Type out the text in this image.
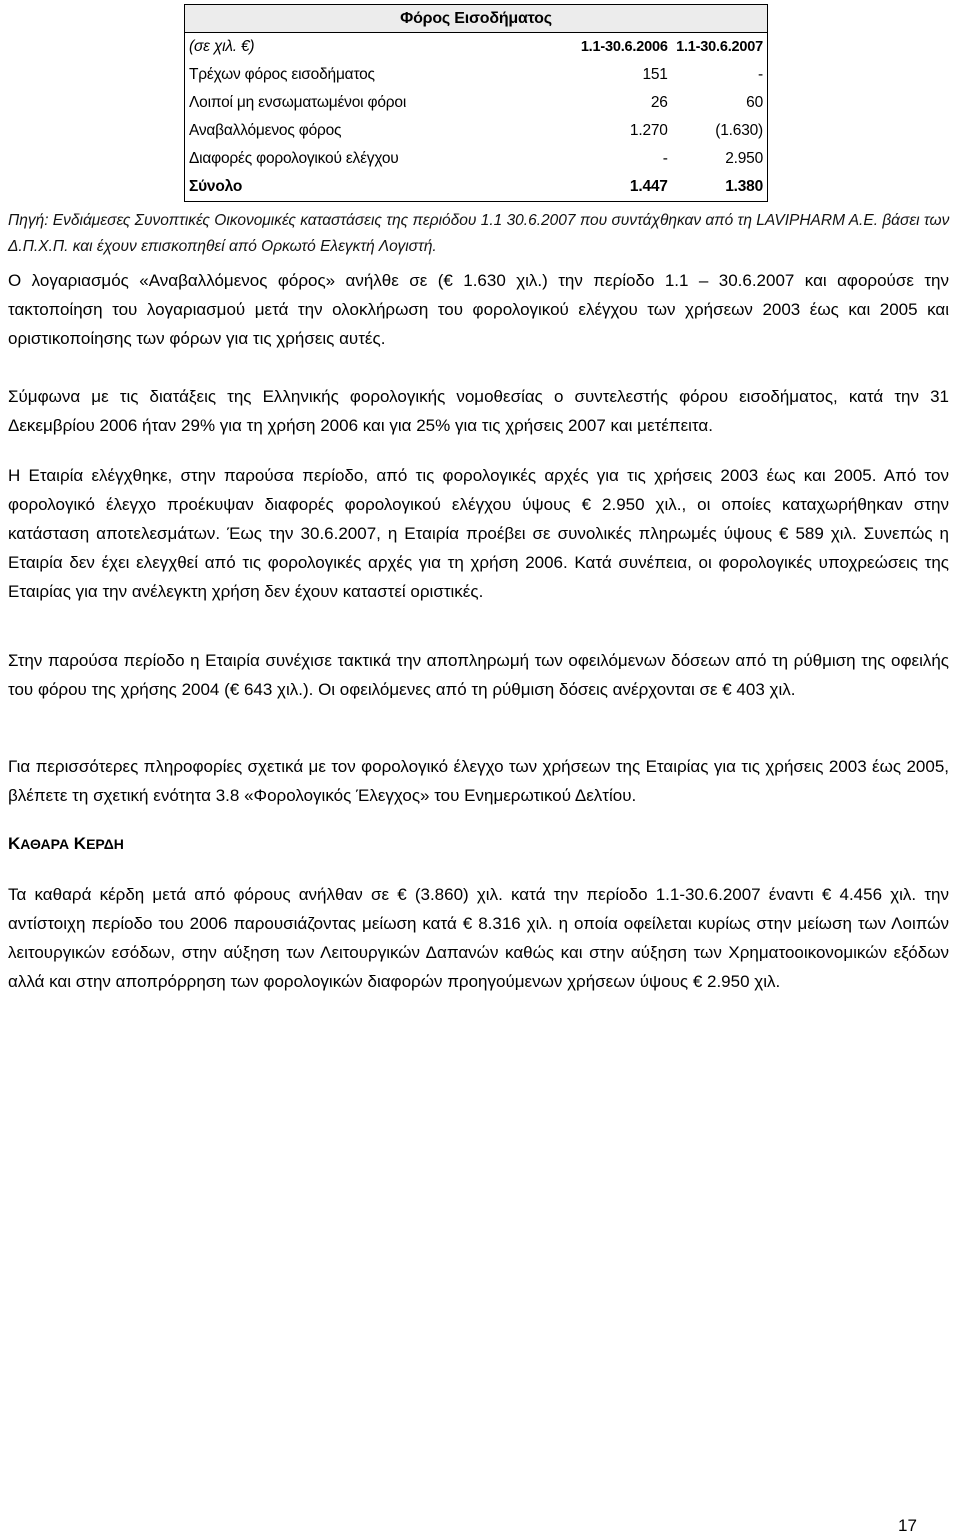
Φόρος Εισοδήματος		
(σε χιλ. €)	1.1-30.6.2006	1.1-30.6.2007
Τρέχων φόρος εισοδήματος	151	-
Λοιποί μη ενσωματωμένοι φόροι	26	60
Αναβαλλόμενος φόρος	1.270	(1.630)
Διαφορές φορολογικού ελέγχου	-	2.950
Σύνολο	1.447	1.380
Πηγή: Ενδιάμεσες Συνοπτικές Οικονομικές καταστάσεις της περιόδου 1.1 30.6.2007 που συντάχθηκαν από τη LAVIPHARM A.E. βάσει των Δ.Π.Χ.Π. και έχουν επισκοπηθεί από Ορκωτό Ελεγκτή Λογιστή.

Ο λογαριασμός «Αναβαλλόμενος φόρος» ανήλθε σε (€ 1.630 χιλ.) την περίοδο 1.1 – 30.6.2007 και αφορούσε την τακτοποίηση του λογαριασμού μετά την ολοκλήρωση του φορολογικού ελέγχου των χρήσεων 2003 έως και 2005 και οριστικοποίησης των φόρων για τις χρήσεις αυτές.

Σύμφωνα με τις διατάξεις της Ελληνικής φορολογικής νομοθεσίας ο συντελεστής φόρου εισοδήματος, κατά την 31 Δεκεμβρίου 2006 ήταν 29% για τη χρήση 2006 και για 25% για τις χρήσεις 2007 και μετέπειτα.

Η Εταιρία ελέγχθηκε, στην παρούσα περίοδο, από τις φορολογικές αρχές για τις χρήσεις 2003 έως και 2005. Από τον φορολογικό έλεγχο προέκυψαν διαφορές φορολογικού ελέγχου ύψους € 2.950 χιλ., οι οποίες καταχωρήθηκαν στην κατάσταση αποτελεσμάτων. Έως την 30.6.2007, η Εταιρία προέβει σε συνολικές πληρωμές ύψους € 589 χιλ. Συνεπώς η Εταιρία δεν έχει ελεγχθεί από τις φορολογικές αρχές για τη χρήση 2006. Κατά συνέπεια, οι φορολογικές υποχρεώσεις της Εταιρίας για την ανέλεγκτη χρήση δεν έχουν καταστεί οριστικές.

Στην παρούσα περίοδο η Εταιρία συνέχισε τακτικά την αποπληρωμή των οφειλόμενων δόσεων από τη ρύθμιση της οφειλής του φόρου της χρήσης 2004 (€ 643 χιλ.). Οι οφειλόμενες από τη ρύθμιση δόσεις ανέρχονται σε € 403 χιλ.

Για περισσότερες πληροφορίες σχετικά με τον φορολογικό έλεγχο των χρήσεων της Εταιρίας για τις χρήσεις 2003 έως 2005, βλέπετε τη σχετική ενότητα 3.8 «Φορολογικός Έλεγχος» του Ενημερωτικού Δελτίου.

ΚΑΘΑΡΑ ΚΕΡΔΗ

Τα καθαρά κέρδη μετά από φόρους ανήλθαν σε € (3.860) χιλ. κατά την περίοδο 1.1-30.6.2007 έναντι € 4.456 χιλ. την αντίστοιχη περίοδο του 2006 παρουσιάζοντας μείωση κατά € 8.316 χιλ. η οποία οφείλεται κυρίως στην μείωση των Λοιπών λειτουργικών εσόδων, στην αύξηση των Λειτουργικών Δαπανών καθώς και στην αύξηση των Χρηματοοικονομικών εξόδων αλλά και στην αποπρόρρηση των φορολογικών διαφορών προηγούμενων χρήσεων ύψους € 2.950 χιλ.

17
